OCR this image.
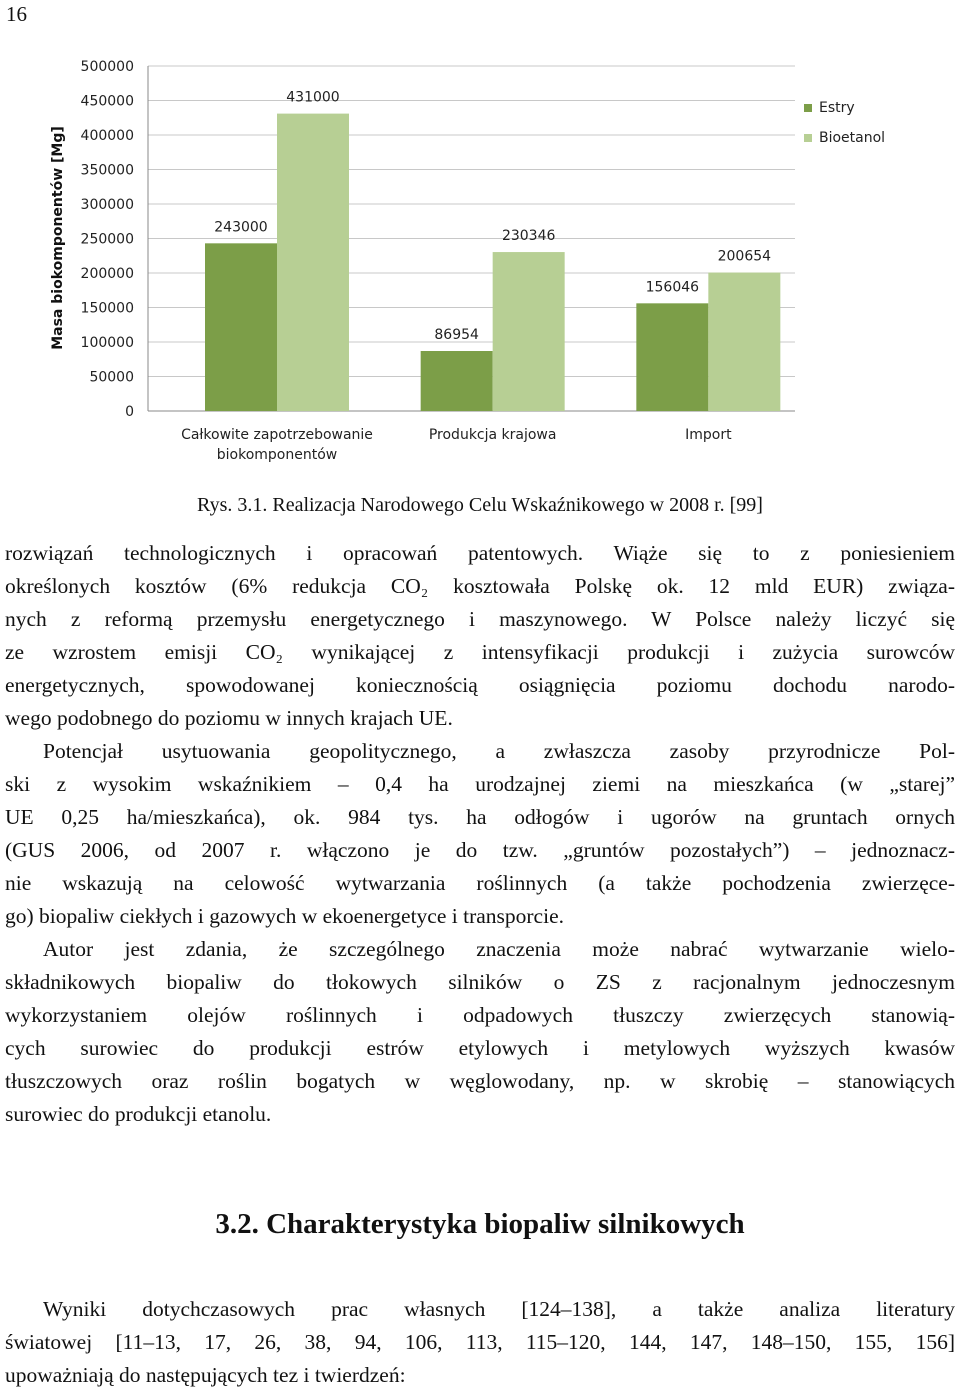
16
0
50000
100000
150000
200000
250000
300000
350000
400000
450000
500000
Masa biokomponentów [Mg]	243000
431000
Całkowite zapotrzebowanie
biokomponentów
86954
230346
Produkcja krajowa
156046
200654
Import
Estry
Bioetanol
Rys. 3.1. Realizacja Narodowego Celu Wskaźnikowego w 2008 r. [99]
rozwiązań technologicznych i opracowań patentowych. Wiąże się to z poniesieniem
określonych kosztów (6% redukcja CO₂ kosztowała Polskę ok. 12 mld EUR) związa-
nych z reformą przemysłu energetycznego i maszynowego. W Polsce należy liczyć się
ze wzrostem emisji CO₂ wynikającej z intensyfikacji produkcji i zużycia surowców
energetycznych, spowodowanej koniecznością osiągnięcia poziomu dochodu narodo-
wego podobnego do poziomu w innych krajach UE.
Potencjał usytuowania geopolitycznego, a zwłaszcza zasoby przyrodnicze Pol-
ski z wysokim wskaźnikiem – 0,4 ha urodzajnej ziemi na mieszkańca (w „starej”
UE 0,25 ha/mieszkańca), ok. 984 tys. ha odłogów i ugorów na gruntach ornych
(GUS 2006, od 2007 r. włączono je do tzw. „gruntów pozostałych”) – jednoznacz-
nie wskazują na celowość wytwarzania roślinnych (a także pochodzenia zwierzęce-
go) biopaliw ciekłych i gazowych w ekoenergetyce i transporcie.
Autor jest zdania, że szczególnego znaczenia może nabrać wytwarzanie wielo-
składnikowych biopaliw do tłokowych silników o ZS z racjonalnym jednoczesnym
wykorzystaniem olejów roślinnych i odpadowych tłuszczy zwierzęcych stanowią-
cych surowiec do produkcji estrów etylowych i metylowych wyższych kwasów
tłuszczowych oraz roślin bogatych w węglowodany, np. w skrobię – stanowiących
surowiec do produkcji etanolu.
3.2. Charakterystyka biopaliw silnikowych
Wyniki dotychczasowych prac własnych [124–138], a także analiza literatury
światowej [11–13, 17, 26, 38, 94, 106, 113, 115–120, 144, 147, 148–150, 155, 156]
upoważniają do następujących tez i twierdzeń:
